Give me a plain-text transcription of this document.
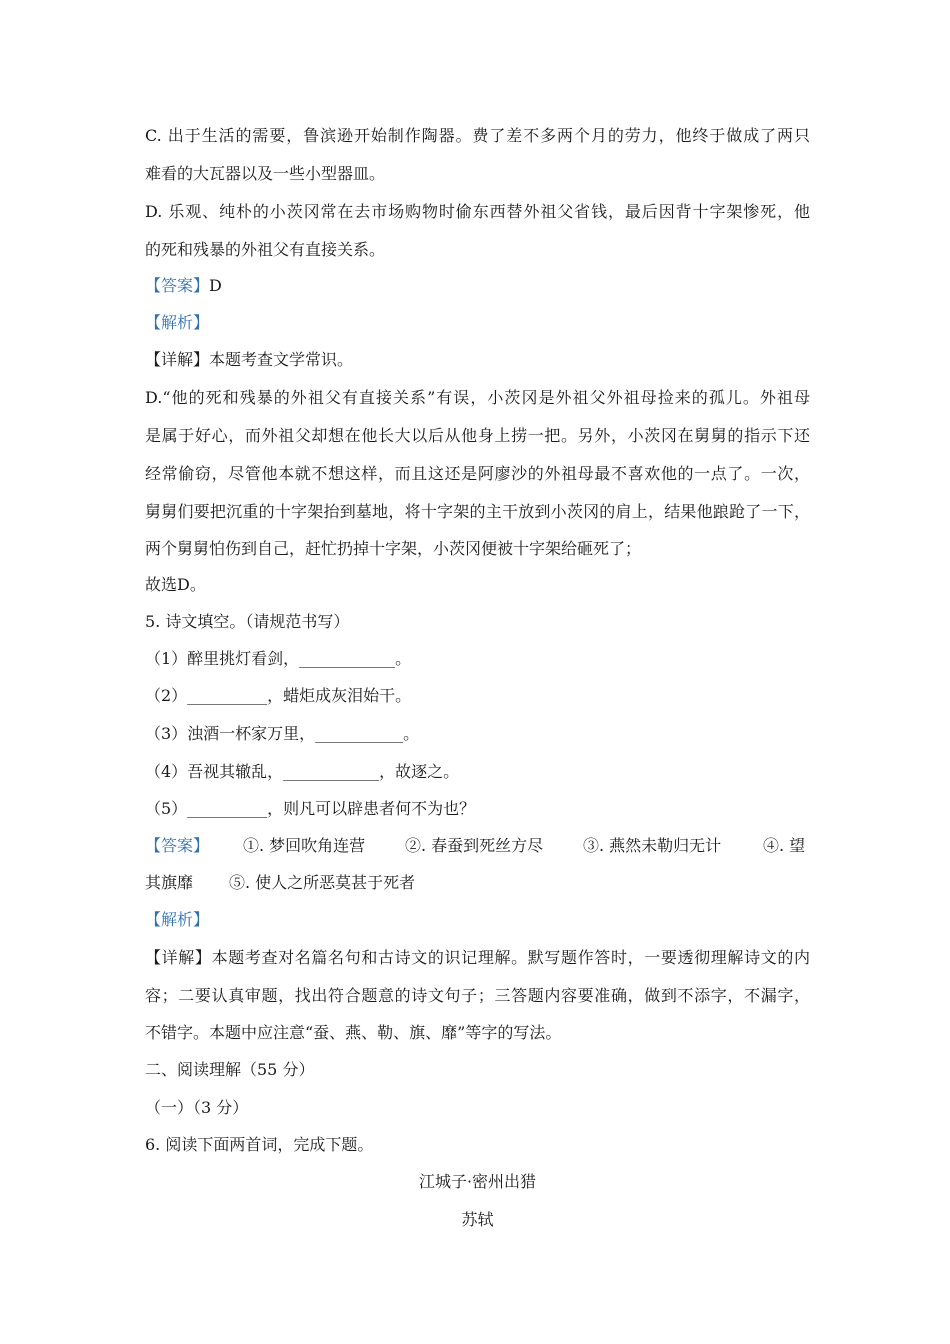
C. 出于生活的需要，鲁滨逊开始制作陶器。费了差不多两个月的劳力，他终于做成了两只
难看的大瓦器以及一些小型器皿。
D. 乐观、纯朴的小茨冈常在去市场购物时偷东西替外祖父省钱，最后因背十字架惨死，他
的死和残暴的外祖父有直接关系。
【答案】D
【解析】
【详解】本题考查文学常识。
D.“他的死和残暴的外祖父有直接关系”有误，小茨冈是外祖父外祖母捡来的孤儿。外祖母
是属于好心，而外祖父却想在他长大以后从他身上捞一把。另外，小茨冈在舅舅的指示下还
经常偷窃，尽管他本就不想这样，而且这还是阿廖沙的外祖母最不喜欢他的一点了。一次，
舅舅们要把沉重的十字架抬到墓地，将十字架的主干放到小茨冈的肩上，结果他踉跄了一下，
两个舅舅怕伤到自己，赶忙扔掉十字架，小茨冈便被十字架给砸死了；
故选D。
5. 诗文填空。（请规范书写）
（1）醉里挑灯看剑，____________。
（2）__________，蜡炬成灰泪始干。
（3）浊酒一杯家万里，___________。
（4）吾视其辙乱，____________，故逐之。
（5）__________，则凡可以辟患者何不为也？
【答案】 ①. 梦回吹角连营 ②. 春蚕到死丝方尽 ③. 燕然未勒归无计	④. 望
其旗靡 ⑤. 使人之所恶莫甚于死者
【解析】
【详解】本题考查对名篇名句和古诗文的识记理解。默写题作答时，一要透彻理解诗文的内
容；二要认真审题，找出符合题意的诗文句子；三答题内容要准确，做到不添字，不漏字，
不错字。本题中应注意“蚕、燕、勒、旗、靡”等字的写法。
二、阅读理解（55 分）
（一）（3 分）
6. 阅读下面两首词，完成下题。
江城子·密州出猎
苏轼
